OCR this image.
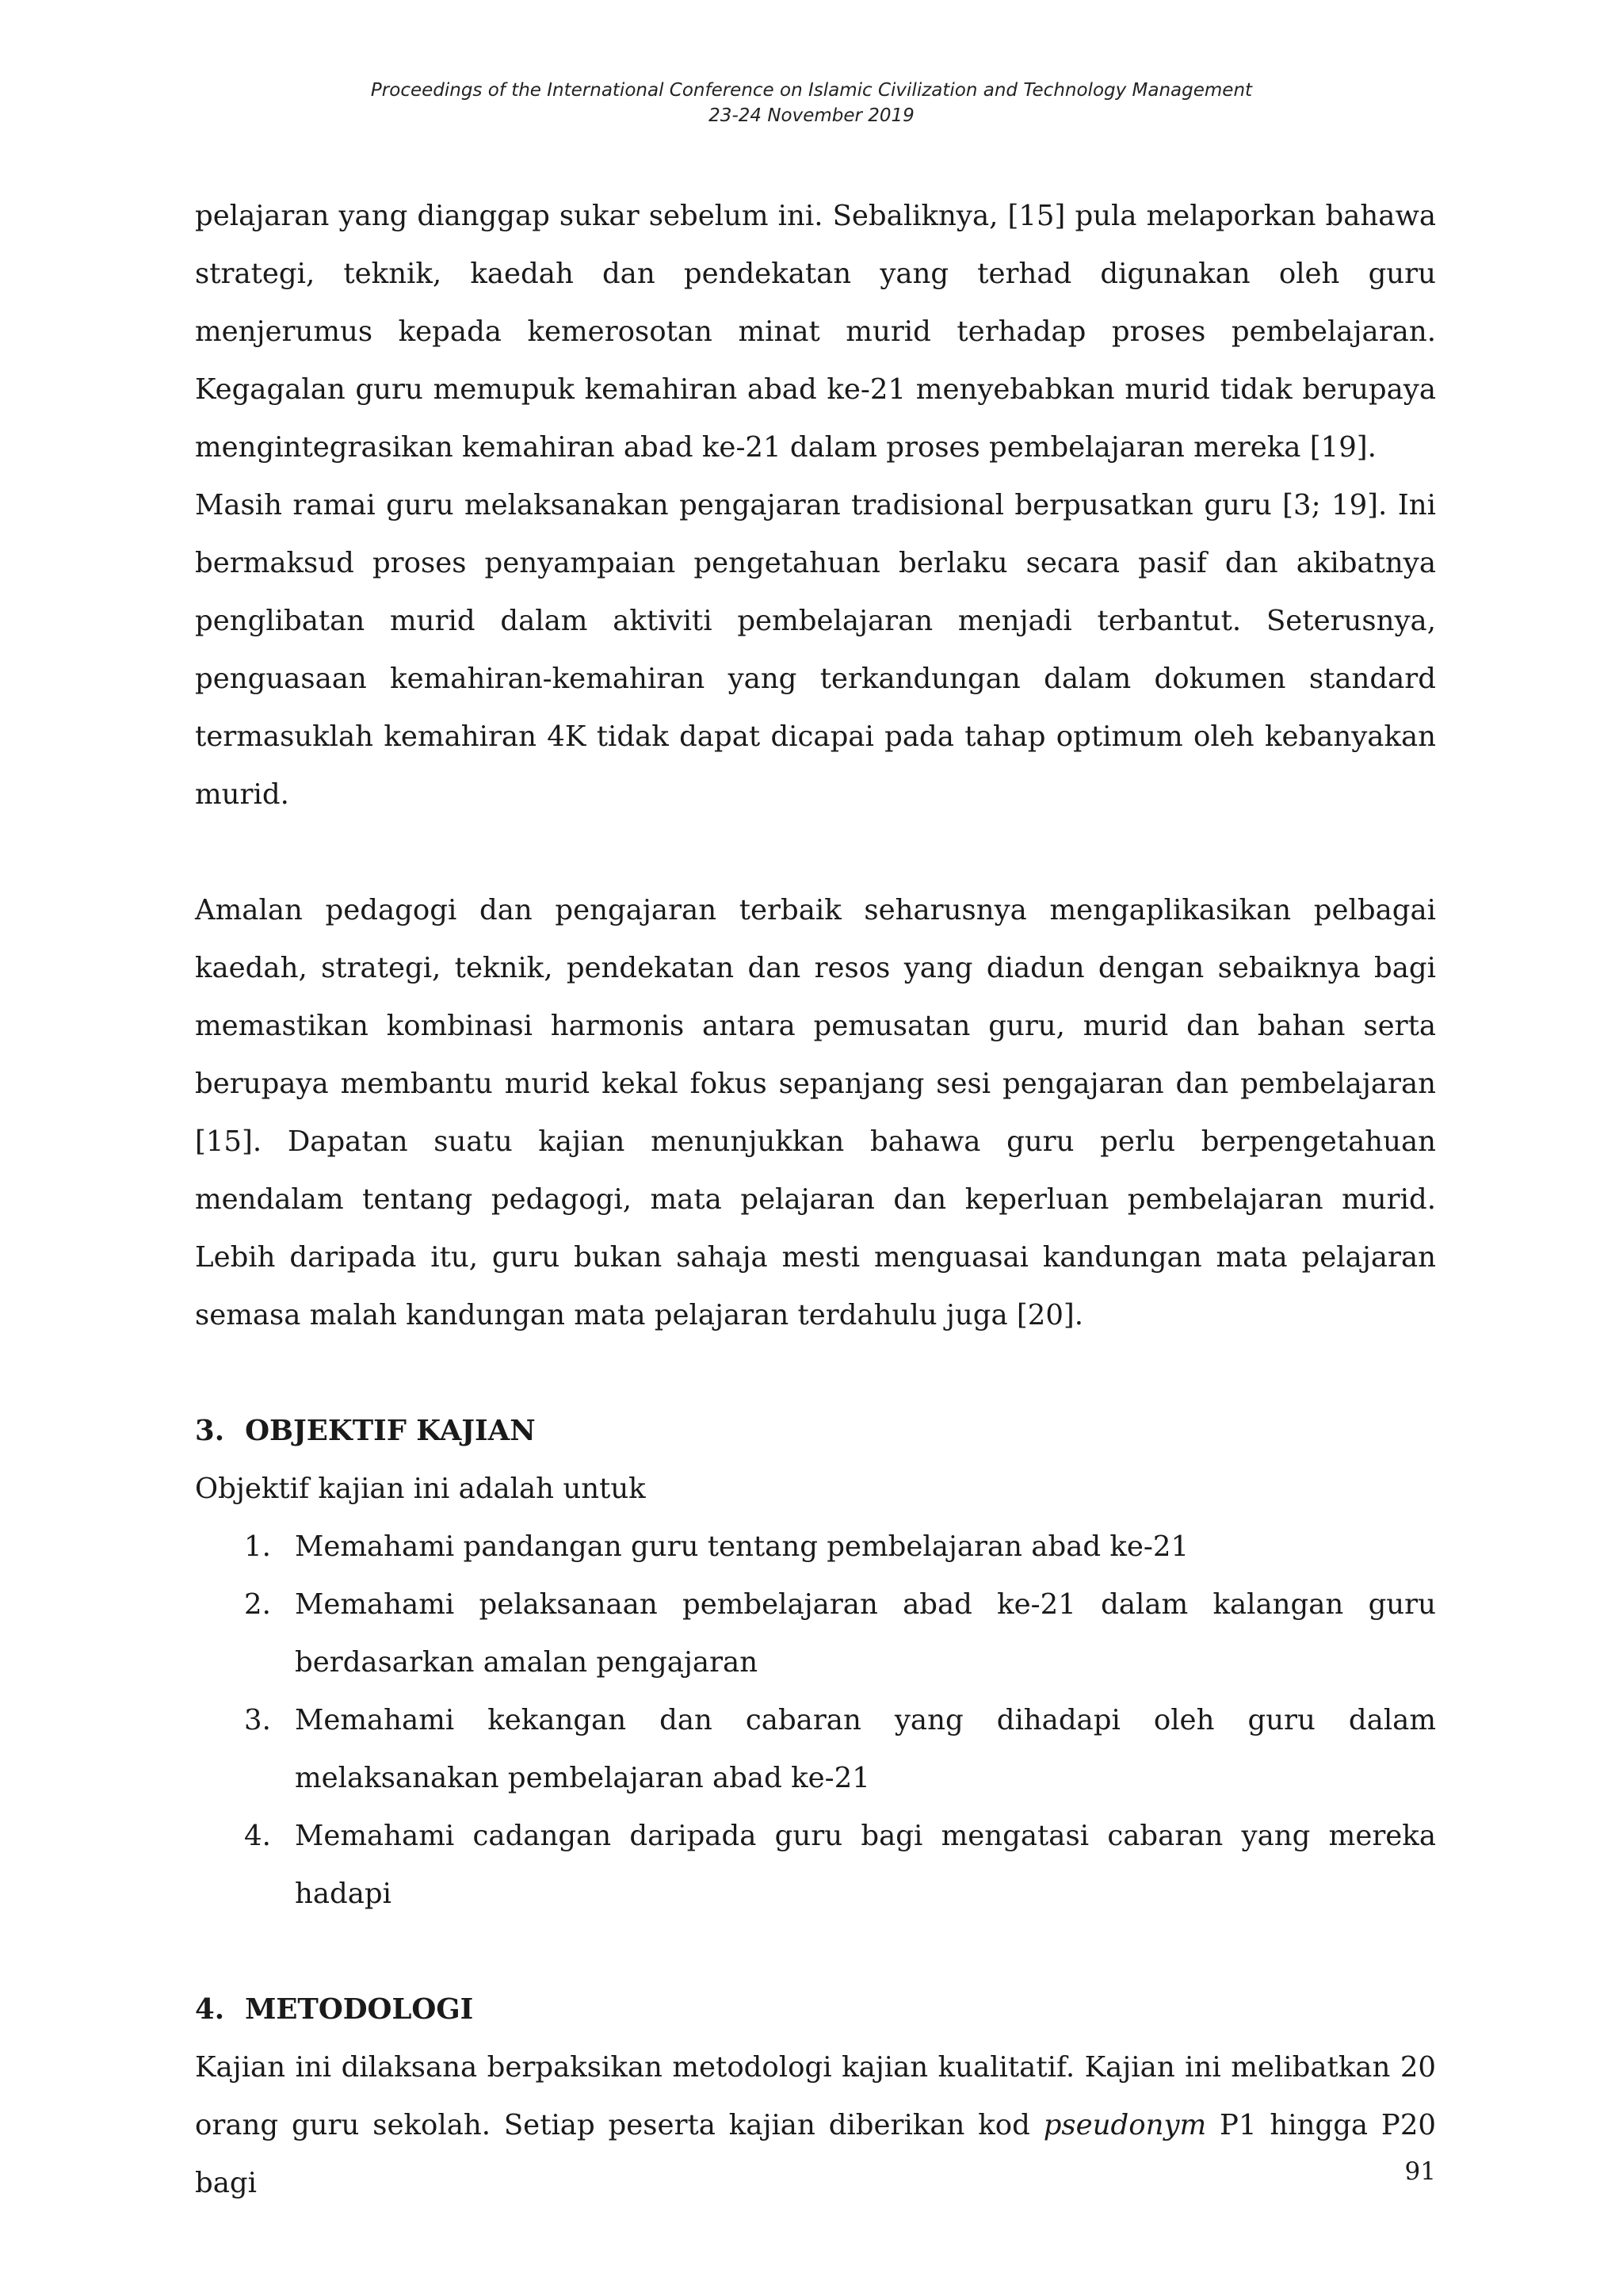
Proceedings of the International Conference on Islamic Civilization and Technology Management
23-24 November 2019

pelajaran yang dianggap sukar sebelum ini. Sebaliknya, [15] pula melaporkan bahawa strategi, teknik, kaedah dan pendekatan yang terhad digunakan oleh guru menjerumus kepada kemerosotan minat murid terhadap proses pembelajaran. Kegagalan guru memupuk kemahiran abad ke-21 menyebabkan murid tidak berupaya mengintegrasikan kemahiran abad ke-21 dalam proses pembelajaran mereka [19].

Masih ramai guru melaksanakan pengajaran tradisional berpusatkan guru [3; 19]. Ini bermaksud proses penyampaian pengetahuan berlaku secara pasif dan akibatnya penglibatan murid dalam aktiviti pembelajaran menjadi terbantut. Seterusnya, penguasaan kemahiran-kemahiran yang terkandungan dalam dokumen standard termasuklah kemahiran 4K tidak dapat dicapai pada tahap optimum oleh kebanyakan murid.

Amalan pedagogi dan pengajaran terbaik seharusnya mengaplikasikan pelbagai kaedah, strategi, teknik, pendekatan dan resos yang diadun dengan sebaiknya bagi memastikan kombinasi harmonis antara pemusatan guru, murid dan bahan serta berupaya membantu murid kekal fokus sepanjang sesi pengajaran dan pembelajaran [15]. Dapatan suatu kajian menunjukkan bahawa guru perlu berpengetahuan mendalam tentang pedagogi, mata pelajaran dan keperluan pembelajaran murid. Lebih daripada itu, guru bukan sahaja mesti menguasai kandungan mata pelajaran semasa malah kandungan mata pelajaran terdahulu juga [20].

3. OBJEKTIF KAJIAN

Objektif kajian ini adalah untuk

1. Memahami pandangan guru tentang pembelajaran abad ke-21
2. Memahami pelaksanaan pembelajaran abad ke-21 dalam kalangan guru berdasarkan amalan pengajaran
3. Memahami kekangan dan cabaran yang dihadapi oleh guru dalam melaksanakan pembelajaran abad ke-21
4. Memahami cadangan daripada guru bagi mengatasi cabaran yang mereka hadapi
4. METODOLOGI

Kajian ini dilaksana berpaksikan metodologi kajian kualitatif. Kajian ini melibatkan 20 orang guru sekolah. Setiap peserta kajian diberikan kod pseudonym P1 hingga P20 bagi	91
